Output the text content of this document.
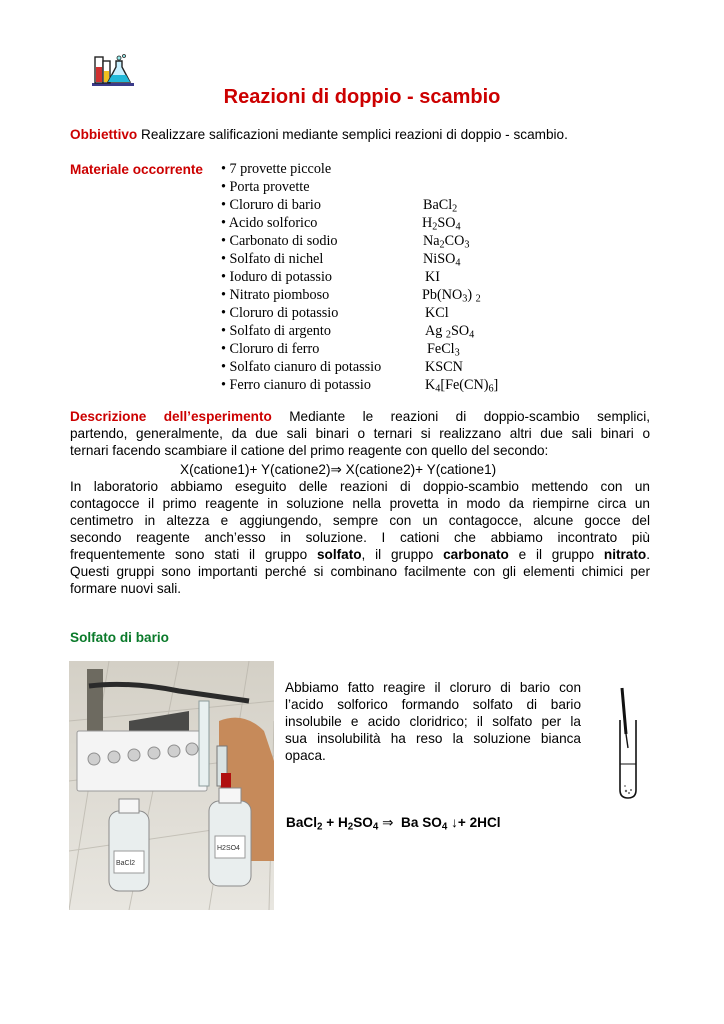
Reazioni di doppio - scambio
Obbiettivo Realizzare salificazioni mediante semplici reazioni di doppio - scambio.
Materiale occorrente • 7 provette piccole
• Porta provette
• Cloruro di bario	BaCl$_2$
• Acido solforico	$H_2SO_4$
• Carbonato di sodio	$Na_2CO_3$
• Solfato di nichel	NiSO$_4$
• Ioduro di potassio	KI
• Nitrato piomboso	$Pb(NO_3)$ $_2$
• Cloruro di potassio	KCl
• Solfato di argento	Ag $_2SO_4$
• Cloruro di ferro	FeCl$_3$
• Solfato cianuro di potassio	KSCN
• Ferro cianuro di potassio	$K_4[Fe(CN)_6]$
Descrizione dell’esperimento Mediante le reazioni di doppio-scambio semplici,
partendo, generalmente, da due sali binari o ternari si realizzano altri due sali binari o
ternari facendo scambiare il catione del primo reagente con quello del secondo:
X(catione1)+ Y(catione2)⇒ X(catione2)+ Y(catione1)
In laboratorio abbiamo eseguito delle reazioni di doppio-scambio mettendo con un
contagocce il primo reagente in soluzione nella provetta in modo da riempirne circa un
centimetro in altezza e aggiungendo, sempre con un contagocce, alcune gocce del
secondo reagente anch’esso in soluzione. I cationi che abbiamo incontrato più
frequentemente sono stati il gruppo solfato, il gruppo carbonato e il gruppo nitrato.
Questi gruppi sono importanti perché si combinano facilmente con gli elementi chimici per
formare nuovi sali.
Solfato di bario
BaCl2
H2SO4
Abbiamo fatto reagire il cloruro di bario con
l’acido solforico formando solfato di bario
insolubile e acido cloridrico; il solfato per la
sua insolubilità ha reso la soluzione bianca
opaca.
BaCl$_2$ + $H_2SO_4$ ⇒  Ba $SO_4$ ↓+ 2HCl
